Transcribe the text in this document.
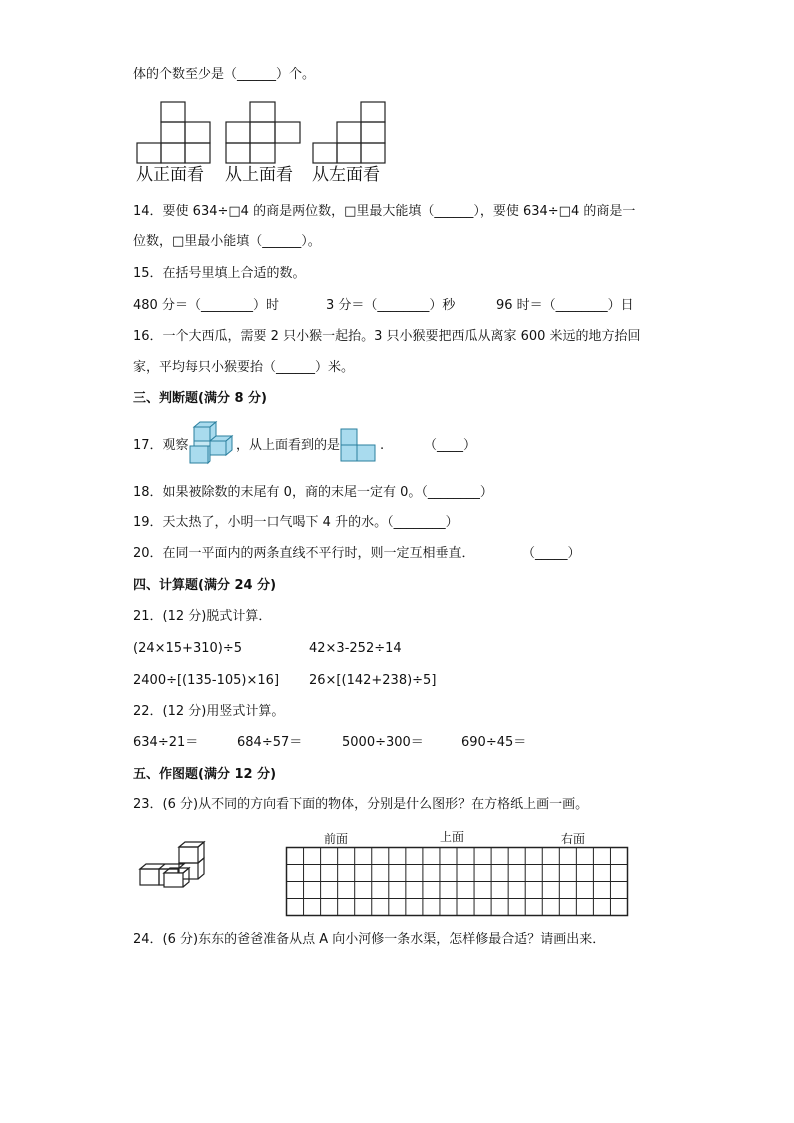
体的个数至少是（______）个。
从正面看 从上面看 从左面看
14．要使 634÷□4 的商是两位数，□里最大能填（______），要使 634÷□4 的商是一
位数，□里最小能填（______）。
15．在括号里填上合适的数。
480 分＝（________）时	3 分＝（________）秒	96 时＝（________）日
16．一个大西瓜，需要 2 只小猴一起抬。3 只小猴要把西瓜从离家 600 米远的地方抬回
家，平均每只小猴要抬（______）米。
三、判断题(满分 8 分)
17．观察	，从上面看到的是	.	（____）
18．如果被除数的末尾有 0，商的末尾一定有 0。（________）
19．天太热了，小明一口气喝下 4 升的水。（________）
20．在同一平面内的两条直线不平行时，则一定互相垂直．	（_____）
四、计算题(满分 24 分)
21．(12 分)脱式计算．
(24×15+310)÷5	42×3-252÷14
2400÷[(135-105)×16] 26×[(142+238)÷5]
22．(12 分)用竖式计算。
634÷21＝	684÷57＝	5000÷300＝	690÷45＝
五、作图题(满分 12 分)
23．(6 分)从不同的方向看下面的物体，分别是什么图形？在方格纸上画一画。
前面	上面	右面
24．(6 分)东东的爸爸准备从点 A 向小河修一条水渠，怎样修最合适？请画出来．
